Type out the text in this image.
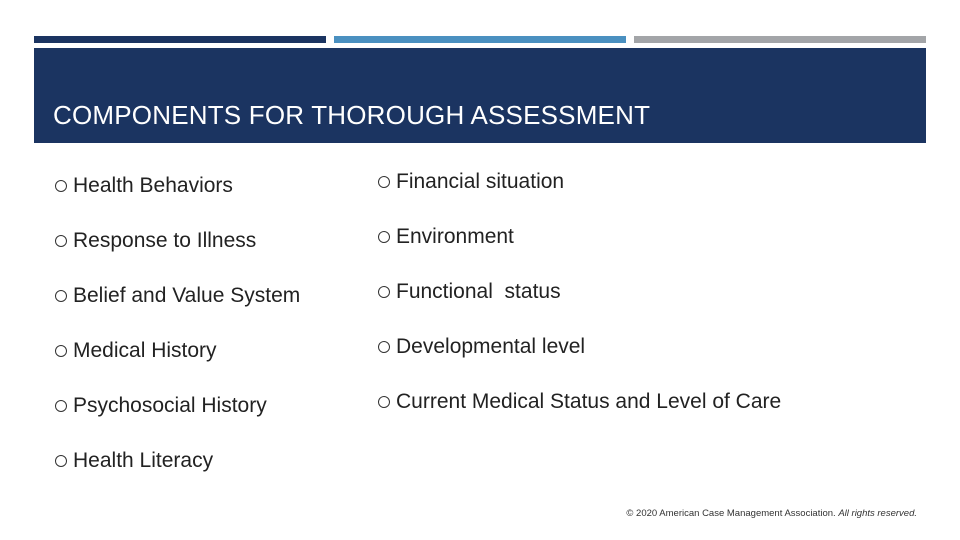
COMPONENTS FOR THOROUGH ASSESSMENT
Health Behaviors
Response to Illness
Belief and Value System
Medical History
Psychosocial History
Health Literacy
Financial situation
Environment
Functional  status
Developmental level
Current Medical Status and Level of Care
© 2020 American Case Management Association. All rights reserved.
